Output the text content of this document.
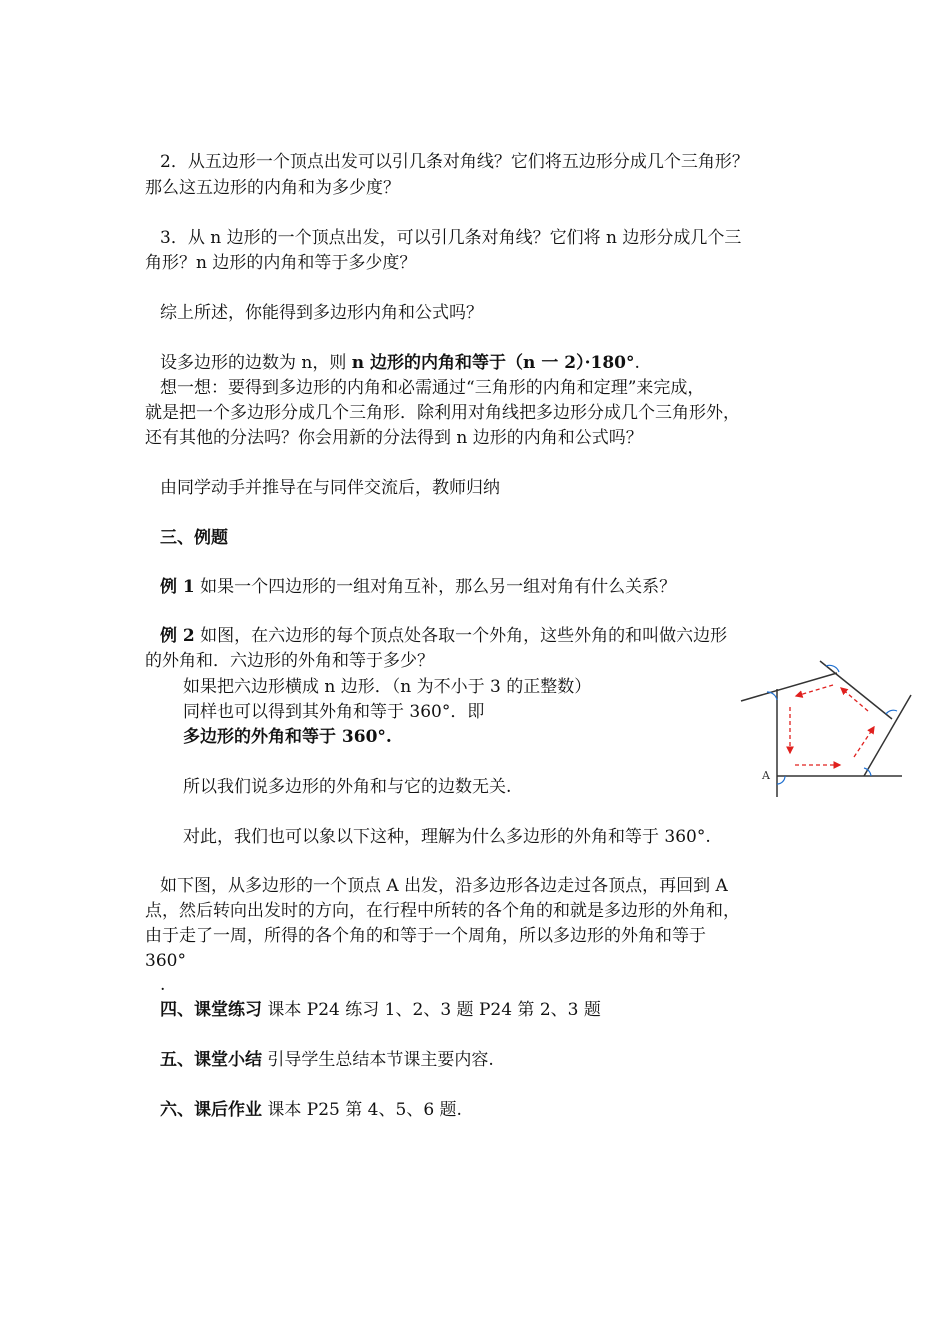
2．从五边形一个顶点出发可以引几条对角线？它们将五边形分成几个三角形？
那么这五边形的内角和为多少度？
3．从 n 边形的一个顶点出发，可以引几条对角线？它们将 n 边形分成几个三
角形？n 边形的内角和等于多少度？
综上所述，你能得到多边形内角和公式吗？
设多边形的边数为 n，则 n 边形的内角和等于（n 一 2）·180°.
想一想：要得到多边形的内角和必需通过“三角形的内角和定理”来完成，
就是把一个多边形分成几个三角形．除利用对角线把多边形分成几个三角形外，
还有其他的分法吗？你会用新的分法得到 n 边形的内角和公式吗？
由同学动手并推导在与同伴交流后，教师归纳
三、例题
例 1 如果一个四边形的一组对角互补，那么另一组对角有什么关系？
例 2 如图，在六边形的每个顶点处各取一个外角，这些外角的和叫做六边形
的外角和．六边形的外角和等于多少？
如果把六边形横成 n 边形．（n 为不小于 3 的正整数）
同样也可以得到其外角和等于 360°．即
多边形的外角和等于 360°.
所以我们说多边形的外角和与它的边数无关.
对此，我们也可以象以下这种，理解为什么多边形的外角和等于 360°.
如下图，从多边形的一个顶点 A 出发，沿多边形各边走过各顶点，再回到 A
点，然后转向出发时的方向，在行程中所转的各个角的和就是多边形的外角和，
由于走了一周，所得的各个角的和等于一个周角，所以多边形的外角和等于
360°
.
四、课堂练习 课本 P24 练习 1、2、3 题 P24 第 2、3 题
五、课堂小结 引导学生总结本节课主要内容.
六、课后作业 课本 P25 第 4、5、6 题.
A
